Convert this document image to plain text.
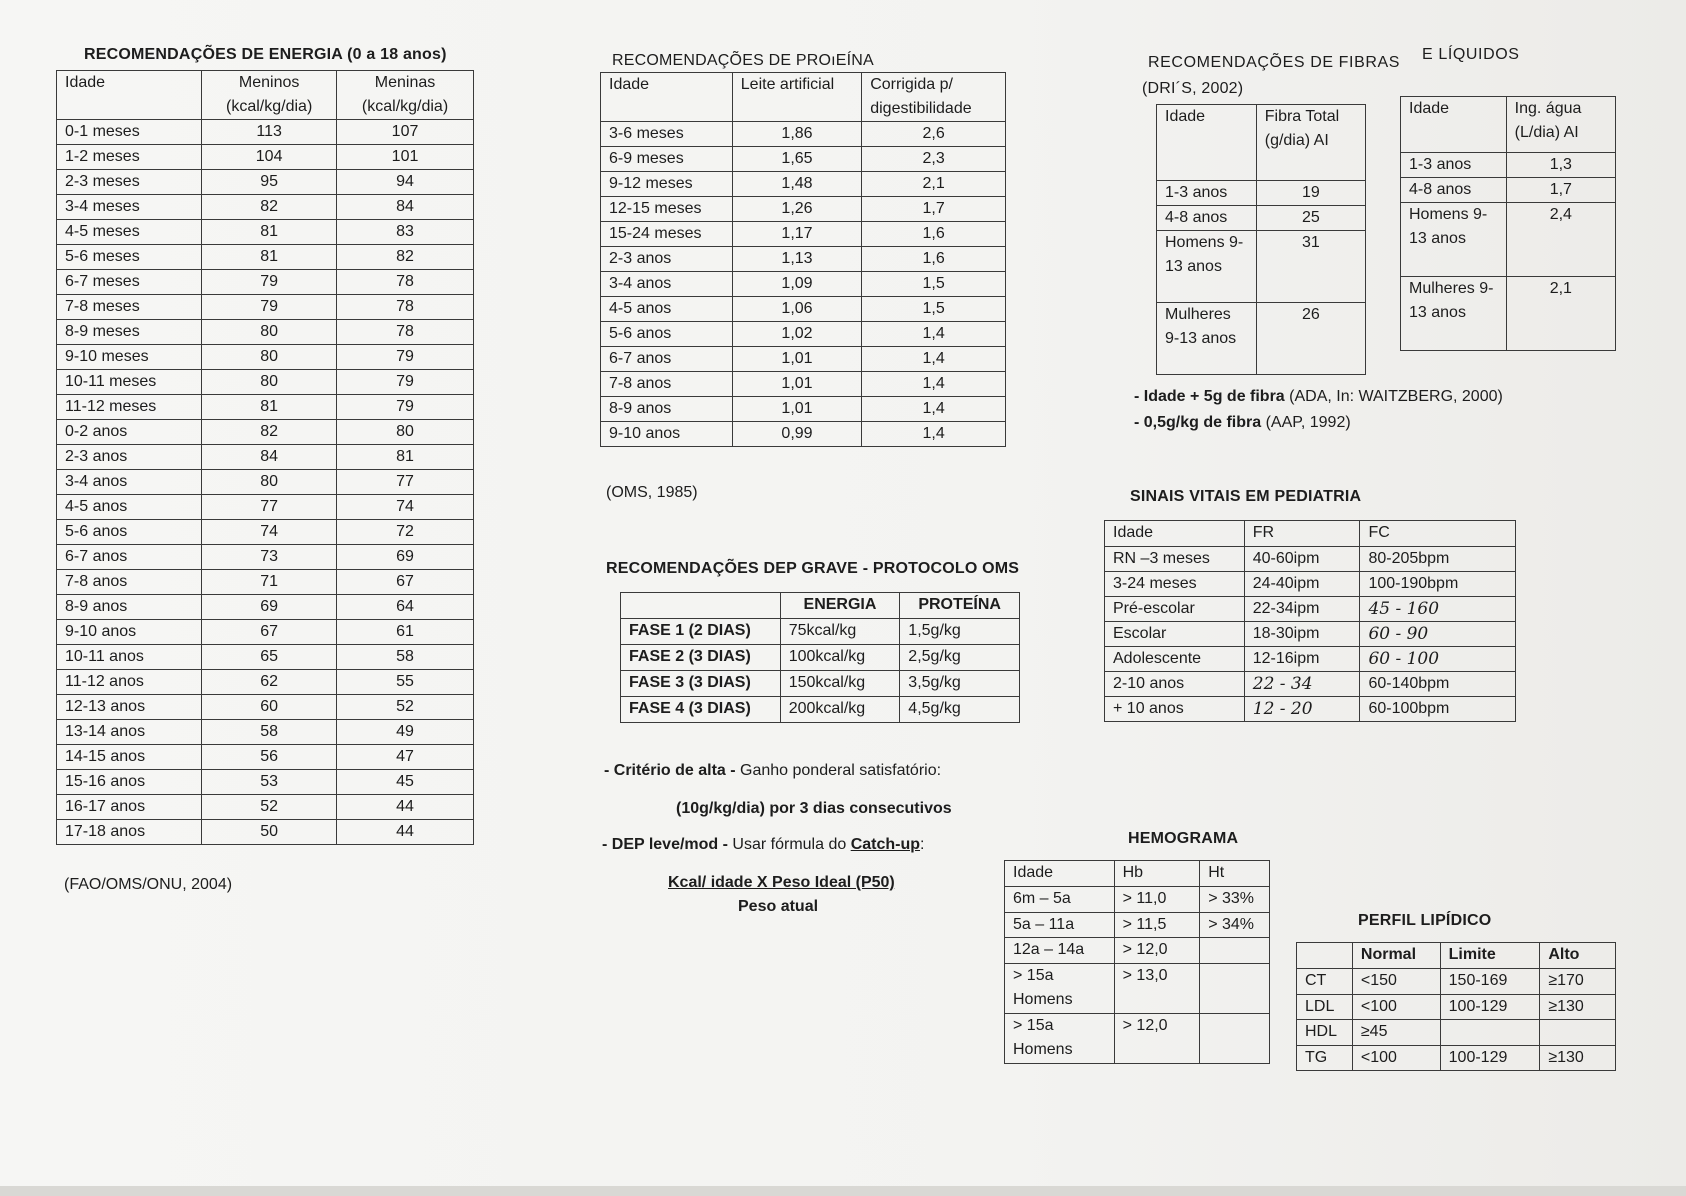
RECOMENDAÇÕES DE ENERGIA (0 a 18 anos)
Idade	Meninos (kcal/kg/dia)	Meninas (kcal/kg/dia)
0-1 meses	113	107
1-2 meses	104	101
2-3 meses	95	94
3-4 meses	82	84
4-5 meses	81	83
5-6 meses	81	82
6-7 meses	79	78
7-8 meses	79	78
8-9 meses	80	78
9-10 meses	80	79
10-11 meses	80	79
11-12 meses	81	79
0-2 anos	82	80
2-3 anos	84	81
3-4 anos	80	77
4-5 anos	77	74
5-6 anos	74	72
6-7 anos	73	69
7-8 anos	71	67
8-9 anos	69	64
9-10 anos	67	61
10-11 anos	65	58
11-12 anos	62	55
12-13 anos	60	52
13-14 anos	58	49
14-15 anos	56	47
15-16 anos	53	45
16-17 anos	52	44
17-18 anos	50	44
(FAO/OMS/ONU, 2004)
RECOMENDAÇÕES DE PROıEÍNA
Idade	Leite artificial	Corrigida p/ digestibilidade
3-6 meses	1,86	2,6
6-9 meses	1,65	2,3
9-12 meses	1,48	2,1
12-15 meses	1,26	1,7
15-24 meses	1,17	1,6
2-3 anos	1,13	1,6
3-4 anos	1,09	1,5
4-5 anos	1,06	1,5
5-6 anos	1,02	1,4
6-7 anos	1,01	1,4
7-8 anos	1,01	1,4
8-9 anos	1,01	1,4
9-10 anos	0,99	1,4
(OMS, 1985)
RECOMENDAÇÕES DEP GRAVE - PROTOCOLO OMS
	ENERGIA	PROTEÍNA
FASE 1 (2 DIAS)	75kcal/kg	1,5g/kg
FASE 2 (3 DIAS)	100kcal/kg	2,5g/kg
FASE 3 (3 DIAS)	150kcal/kg	3,5g/kg
FASE 4 (3 DIAS)	200kcal/kg	4,5g/kg
- Critério de alta - Ganho ponderal satisfatório:
(10g/kg/dia) por 3 dias consecutivos
- DEP leve/mod - Usar fórmula do Catch-up:
Kcal/ idade X Peso Ideal (P50)
Peso atual
RECOMENDAÇÕES DE FIBRAS E LÍQUIDOS
(DRI´S, 2002)
Idade	Fibra Total (g/dia) AI
1-3 anos	19
4-8 anos	25
Homens 9-13 anos	31
Mulheres 9-13 anos	26
Idade	Ing. água (L/dia) AI
1-3 anos	1,3
4-8 anos	1,7
Homens 9-13 anos	2,4
Mulheres 9-13 anos	2,1
- Idade + 5g de fibra (ADA, In: WAITZBERG, 2000)
- 0,5g/kg de fibra (AAP, 1992)
SINAIS VITAIS EM PEDIATRIA
Idade	FR	FC
RN –3 meses	40-60ipm	80-205bpm
3-24 meses	24-40ipm	100-190bpm
Pré-escolar	22-34ipm	45 - 160
Escolar	18-30ipm	60 - 90
Adolescente	12-16ipm	60 - 100
2-10 anos	22 - 34	60-140bpm
+ 10 anos	12 - 20	60-100bpm
HEMOGRAMA
Idade	Hb	Ht
6m – 5a	> 11,0	> 33%
5a – 11a	> 11,5	> 34%
12a – 14a	> 12,0	
> 15a Homens	> 13,0	
> 15a Homens	> 12,0	
PERFIL LIPÍDICO
	Normal	Limite	Alto
CT	<150	150-169	≥170
LDL	<100	100-129	≥130
HDL	≥45		
TG	<100	100-129	≥130
